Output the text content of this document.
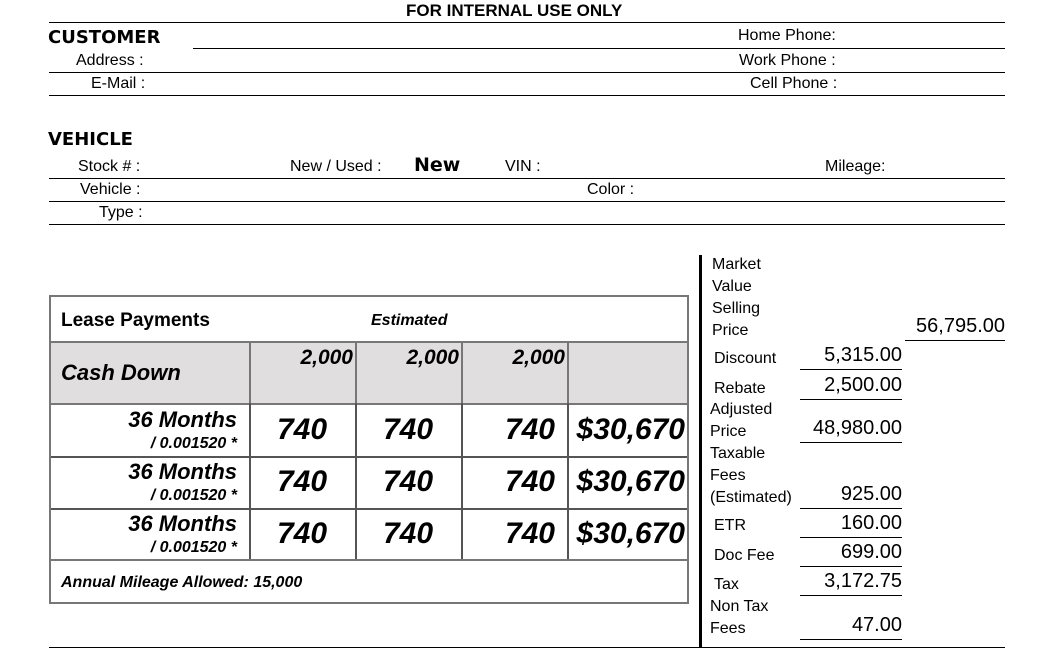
FOR INTERNAL USE ONLY
CUSTOMER	Home Phone:
Address :	Work Phone :
E-Mail :	Cell Phone :
VEHICLE
Stock # :	New / Used : New	VIN :	Mileage:
Vehicle :	Color :
Type :
Lease Payments	Estimated
Cash Down
2,000	2,000	2,000
36 Months
/ 0.001520 *	740	740	740 $30,670
36 Months
/ 0.001520 *	740	740	740 $30,670
36 Months
/ 0.001520 *	740	740	740 $30,670
Annual Mileage Allowed: 15,000
Market
Value
Selling
Price	56,795.00
Discount	5,315.00
Rebate	2,500.00
Adjusted
Price	48,980.00
Taxable
Fees
(Estimated)	925.00
ETR	160.00
Doc Fee	699.00
Tax	3,172.75
Non Tax
Fees	47.00
